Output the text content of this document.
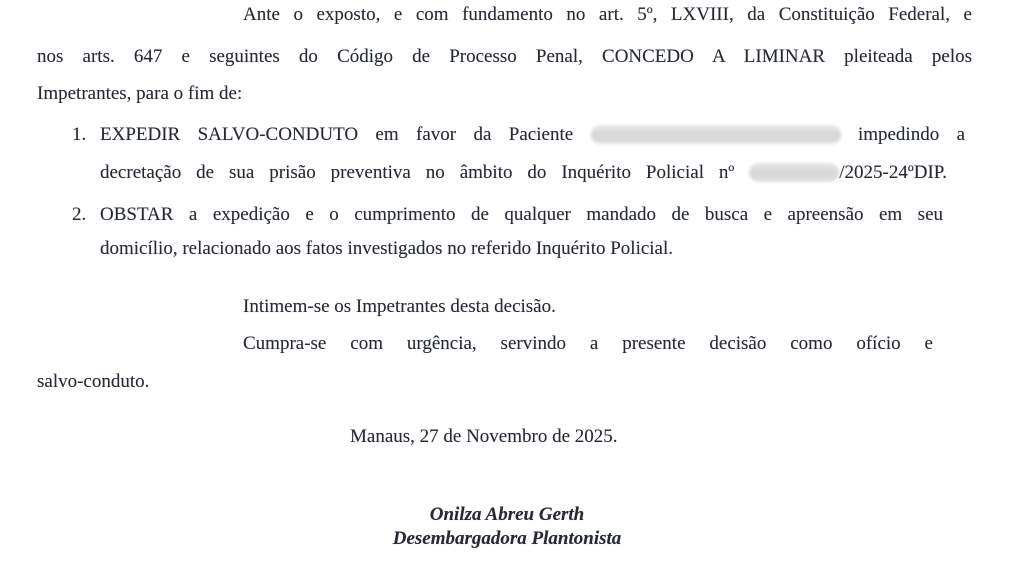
Ante o exposto, e com fundamento no art. 5º, LXVIII, da Constituição Federal, e
nos arts. 647 e seguintes do Código de Processo Penal, CONCEDO A LIMINAR pleiteada pelos
Impetrantes, para o fim de:
1. EXPEDIR SALVO-CONDUTO em favor da Paciente	impedindo a
decretação de sua prisão preventiva no âmbito do Inquérito Policial nº	/2025-24ºDIP.
2. OBSTAR a expedição e o cumprimento de qualquer mandado de busca e apreensão em seu
domicílio, relacionado aos fatos investigados no referido Inquérito Policial.
Intimem-se os Impetrantes desta decisão.
Cumpra-se com urgência, servindo a presente decisão como ofício e
salvo-conduto.
Manaus, 27 de Novembro de 2025.
Onilza Abreu Gerth
Desembargadora Plantonista
